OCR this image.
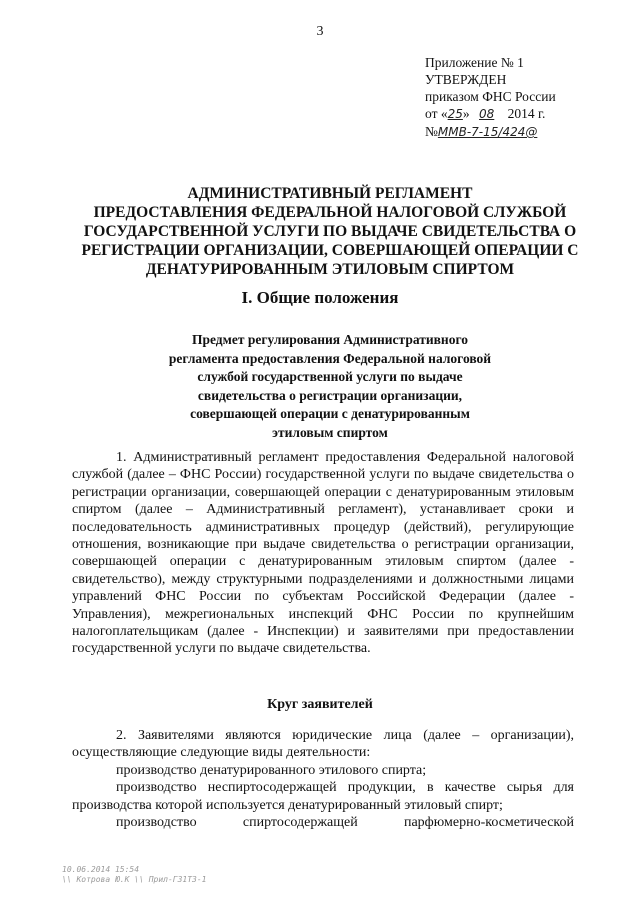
3
Приложение № 1
УТВЕРЖДЕН
приказом ФНС России
от «25» 08 2014 г.
№ММВ-7-15/424@
АДМИНИСТРАТИВНЫЙ РЕГЛАМЕНТ
ПРЕДОСТАВЛЕНИЯ ФЕДЕРАЛЬНОЙ НАЛОГОВОЙ СЛУЖБОЙ
ГОСУДАРСТВЕННОЙ УСЛУГИ ПО ВЫДАЧЕ СВИДЕТЕЛЬСТВА О
РЕГИСТРАЦИИ ОРГАНИЗАЦИИ, СОВЕРШАЮЩЕЙ ОПЕРАЦИИ С
ДЕНАТУРИРОВАННЫМ ЭТИЛОВЫМ СПИРТОМ
I. Общие положения
Предмет регулирования Административного
регламента предоставления Федеральной налоговой
службой государственной услуги по выдаче
свидетельства о регистрации организации,
совершающей операции с денатурированным
этиловым спиртом
1. Административный регламент предоставления Федеральной налоговой службой (далее – ФНС России) государственной услуги по выдаче свидетельства о регистрации организации, совершающей операции с денатурированным этиловым спиртом (далее – Административный регламент), устанавливает сроки и последовательность административных процедур (действий), регулирующие отношения, возникающие при выдаче свидетельства о регистрации организации, совершающей операции с денатурированным этиловым спиртом (далее - свидетельство), между структурными подразделениями и должностными лицами управлений ФНС России по субъектам Российской Федерации (далее - Управления), межрегиональных инспекций ФНС России по крупнейшим налогоплательщикам (далее - Инспекции) и заявителями при предоставлении государственной услуги по выдаче свидетельства.
Круг заявителей
2. Заявителями являются юридические лица (далее – организации), осуществляющие следующие виды деятельности:
производство денатурированного этилового спирта;
производство неспиртосодержащей продукции, в качестве сырья для производства которой используется денатурированный этиловый спирт;
производство спиртосодержащей парфюмерно-косметической
10.06.2014 15:54
\\ Котрова Ю.К \\ Прил-ГЗ1Т3-1
